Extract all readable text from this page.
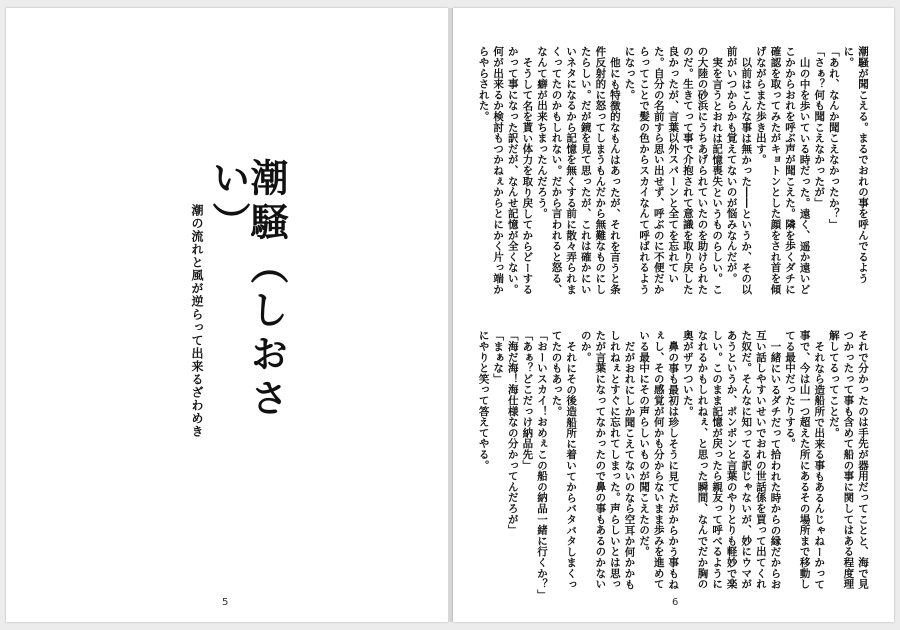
潮騒（しおさい）
潮の流れと風が逆らって出来るざわめき
5

潮騒が聞こえる。まるでおれの事を呼んでるように。

「あれ、なんか聞こえなかったか？」

「さぁ？何も聞こえなかったが」

山の中を歩いている時だった。遠く、遥か遠いどこかからおれを呼ぶ声が聞こえた。隣を歩くダチに確認を取ってみたがキョトンとした顔をされ首を傾げながらまた歩き出す。

以前はこんな事は無かった――というか、その以前がいつからかも覚えてないのが悩みなんだが。

実を言うとおれは記憶喪失というものらしい。この大陸の砂浜にうちあげられていたのを助けられたのだ。生きてって事で介抱されて意識を取り戻した良かったが、言葉以外スパーンと全てを忘れていた。自分の名前すら思い出せず、呼ぶのに不便だからってことで髪の色からスカイなんて呼ばれるようになった。

他にも特徴的なもんはあったが、それを言うと条件反射的に怒ってしまうもんだから無難なものにしたらしい。だが鏡を見て思ったが、これは確かにいいネタになるから記憶を無くする前に散々弄られまくってたのかもしれない。だから言われると怒る、なんて癖が出来ちまったんだろう。

そうして名を貰い体力を取り戻してからどーするかって事になった訳だが、なんせ記憶が全くない。何が出来るか検討もつかねぇからとにかく片っ端からやらされた。

それで分かったのは手先が器用だってことと、海で見つかったって事も含めて船の事に関してはある程度理解してるってことだ。

それなら造船所で出来る事もあるんじゃねーかって事で、今は山一つ超えた所にあるその場所まで移動してる最中だったりする。

一緒にいるダチだって拾われた時からの縁だからお互い話しやすいせいでおれの世話係を買って出てくれた奴だ。そんなに知ってる訳じゃないが、妙にウマがあうというか、ポンポンと言葉のやりとりも軽妙で楽しい。このまま記憶が戻ったら親友って呼べるようになれるかもしれねぇ、と思った瞬間、なんでだか胸の奥がザワついた。

鼻の事も最初は珍しそうに見てたがからかう事もねぇし、その感覚が何かも分からないまま歩みを進めている最中にその声らしいものが聞こえたのだ。

だがおれにしか聞こえてないのなら空耳か何かかもしれねぇとすぐに忘れてしまった。声らしいとは思ったが言葉になってなかったので鼻の事もあるのかないのか。

それにその後造船所に着いてからバタバタしまくってたのもあった。

「おーいスカイ！おめぇこの船の納品一緒に行くか？」

「あぁ？どこだっけ納品先」

「海だ海！海仕様なの分かってんだろが」

「まぁな」

にやりと笑って答えてやる。

6
